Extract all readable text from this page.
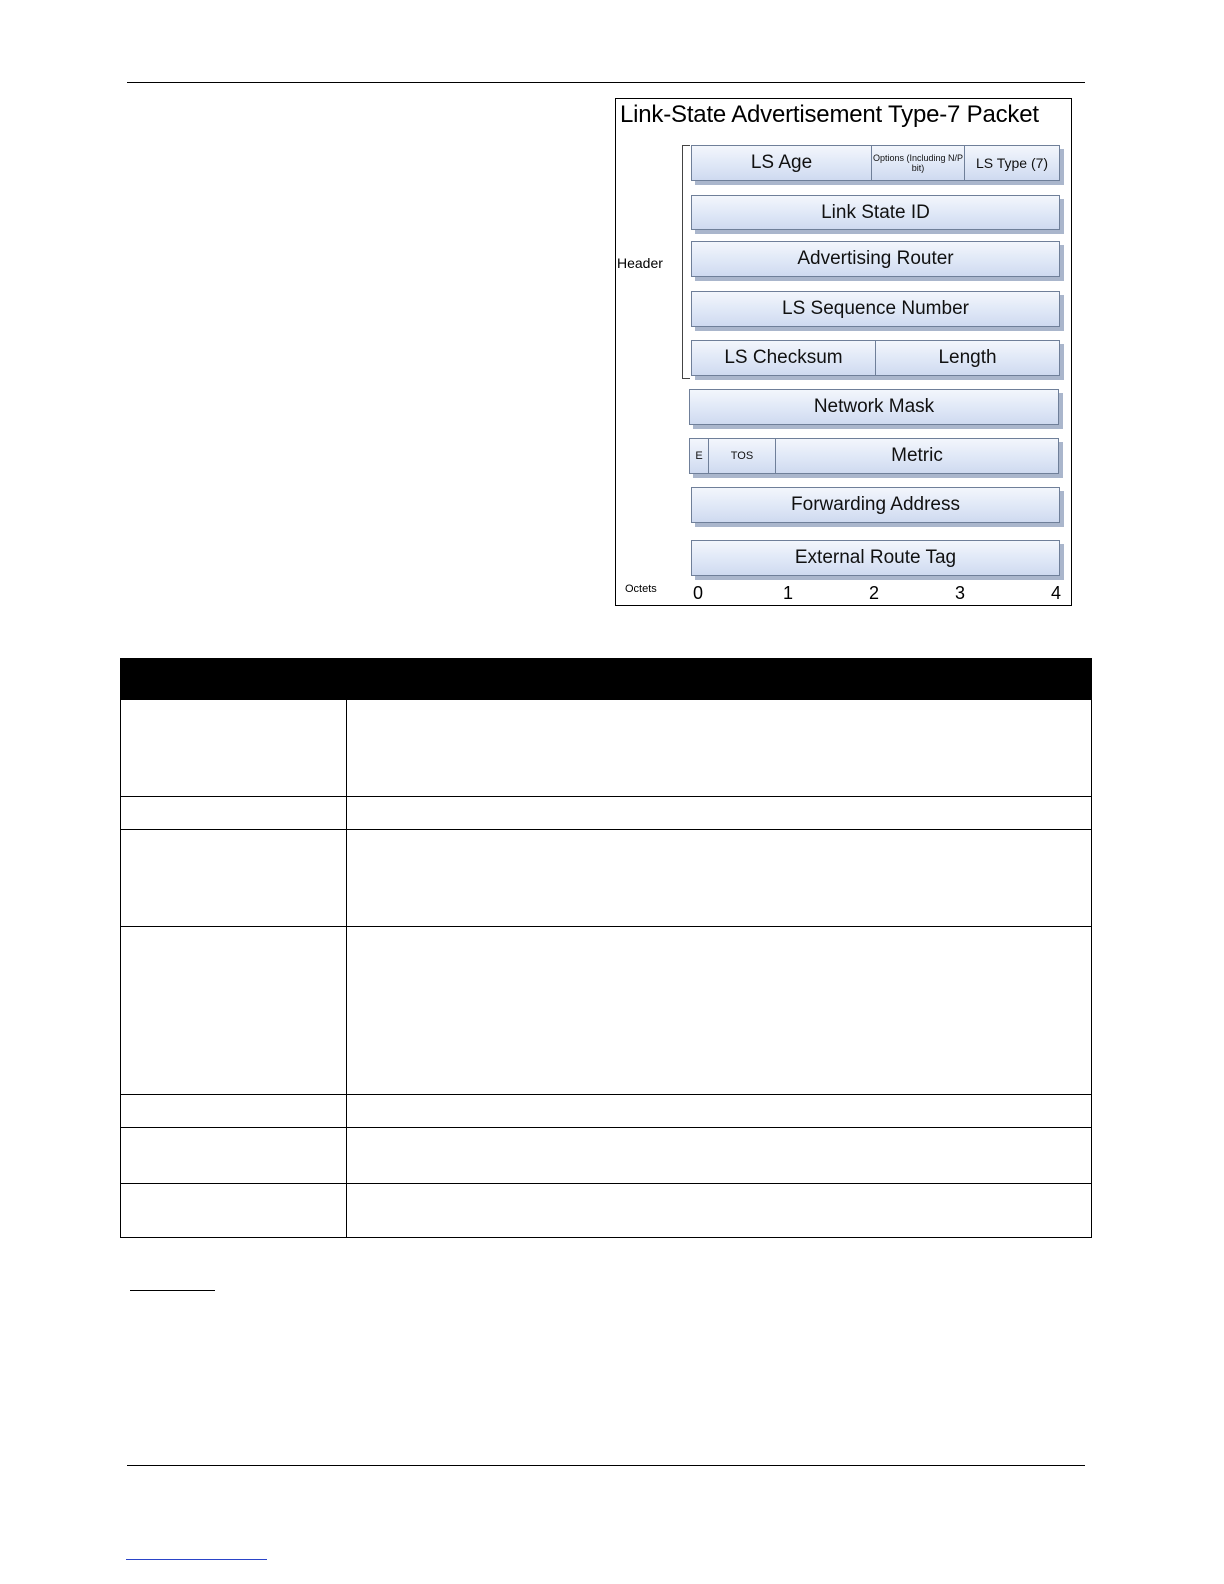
Link-State Advertisement Type-7 Packet
Header
LS Age	Options (Including N/P bit)	LS Type (7)
Link State ID
Advertising Router
LS Sequence Number
LS Checksum	Length
Network Mask
E	TOS	Metric
Forwarding Address
External Route Tag
Octets 0	1	2	3	4
